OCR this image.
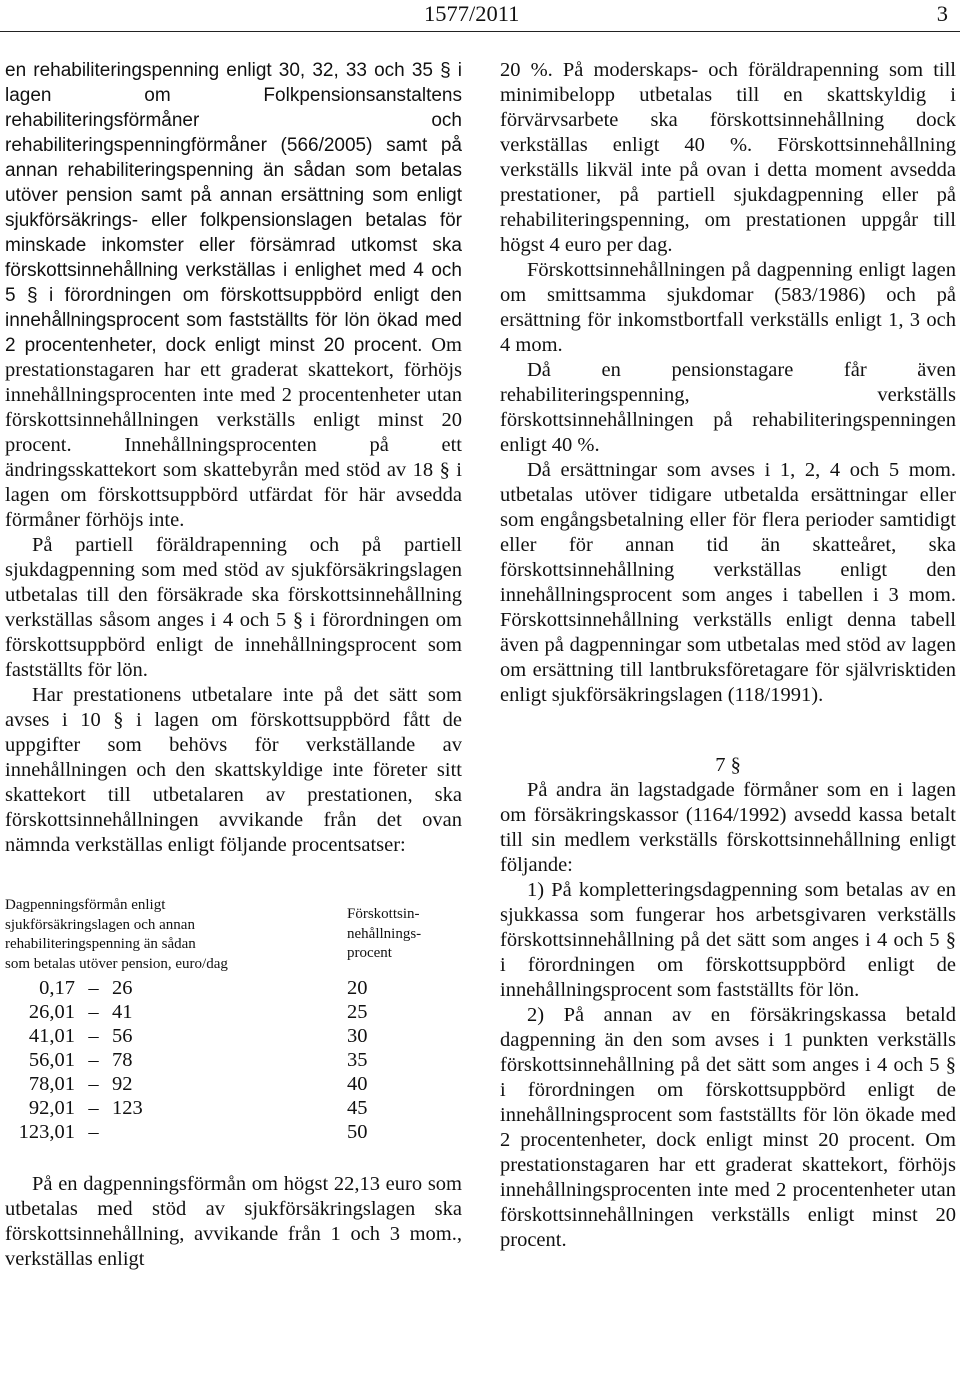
1577/2011	3

en rehabiliteringspenning enligt 30, 32, 33 och 35 § i lagen om Folkpensionsanstaltens rehabiliteringsförmåner och rehabiliteringspenningförmåner (566/2005) samt på annan rehabiliteringspenning än sådan som betalas utöver pension samt på annan ersättning som enligt sjukförsäkrings- eller folkpensionslagen betalas för minskade inkomster eller försämrad utkomst ska förskottsinnehållning verkställas i enlighet med 4 och 5 § i förordningen om förskottsuppbörd enligt den innehållningsprocent som fastställts för lön ökad med 2 procentenheter, dock enligt minst 20 procent. Om prestationstagaren har ett graderat skattekort, förhöjs innehållningsprocenten inte med 2 procentenheter utan förskottsinnehållningen verkställs enligt minst 20 procent. Innehållningsprocenten på ett ändringsskattekort som skattebyrån med stöd av 18 § i lagen om förskottsuppbörd utfärdat för här avsedda förmåner förhöjs inte.

På partiell föräldrapenning och på partiell sjukdagpenning som med stöd av sjukförsäkringslagen utbetalas till den försäkrade ska förskottsinnehållning verkställas såsom anges i 4 och 5 § i förordningen om förskottsuppbörd enligt de innehållningsprocent som fastställts för lön.

Har prestationens utbetalare inte på det sätt som avses i 10 § i lagen om förskottsuppbörd fått de uppgifter som behövs för verkställande av innehållningen och den skattskyldige inte företer sitt skattekort till utbetalaren av prestationen, ska förskottsinnehållningen avvikande från det ovan nämnda verkställas enligt följande procentsatser:

Dagpenningsförmån enligt
sjukförsäkringslagen och annan
rehabiliteringspenning än sådan
som betalas utöver pension, euro/dag
Förskottsin-
nehållnings-
procent
0,17	–	26		20
26,01	–	41		25
41,01	–	56		30
56,01	–	78		35
78,01	–	92		40
92,01	–	123		45
123,01	–			50

På en dagpenningsförmån om högst 22,13 euro som utbetalas med stöd av sjukförsäkringslagen ska förskottsinnehållning, avvikande från 1 och 3 mom., verkställas enligt

20 %. På moderskaps- och föräldrapenning som till minimibelopp utbetalas till en skattskyldig i förvärvsarbete ska förskottsinnehållning dock verkställas enligt 40 %. Förskottsinnehållning verkställs likväl inte på ovan i detta moment avsedda prestationer, på partiell sjukdagpenning eller på rehabiliteringspenning, om prestationen uppgår till högst 4 euro per dag.

Förskottsinnehållningen på dagpenning enligt lagen om smittsamma sjukdomar (583/1986) och på ersättning för inkomstbortfall verkställs enligt 1, 3 och 4 mom.

Då en pensionstagare får även rehabiliteringspenning, verkställs förskottsinnehållningen på rehabiliteringspenningen enligt 40 %.

Då ersättningar som avses i 1, 2, 4 och 5 mom. utbetalas utöver tidigare utbetalda ersättningar eller som engångsbetalning eller för flera perioder samtidigt eller för annan tid än skatteåret, ska förskottsinnehållning verkställas enligt den innehållningsprocent som anges i tabellen i 3 mom. Förskottsinnehållning verkställs enligt denna tabell även på dagpenningar som utbetalas med stöd av lagen om ersättning till lantbruksföretagare för självrisktiden enligt sjukförsäkringslagen (118/1991).

7 §

På andra än lagstadgade förmåner som en i lagen om försäkringskassor (1164/1992) avsedd kassa betalt till sin medlem verkställs förskottsinnehållning enligt följande:

1) På kompletteringsdagpenning som betalas av en sjukkassa som fungerar hos arbetsgivaren verkställs förskottsinnehållning på det sätt som anges i 4 och 5 § i förordningen om förskottsuppbörd enligt de innehållningsprocent som fastställts för lön.

2) På annan av en försäkringskassa betald dagpenning än den som avses i 1 punkten verkställs förskottsinnehållning på det sätt som anges i 4 och 5 § i förordningen om förskottsuppbörd enligt de innehållningsprocent som fastställts för lön ökade med 2 procentenheter, dock enligt minst 20 procent. Om prestationstagaren har ett graderat skattekort, förhöjs innehållningsprocenten inte med 2 procentenheter utan förskottsinnehållningen verkställs enligt minst 20 procent.
